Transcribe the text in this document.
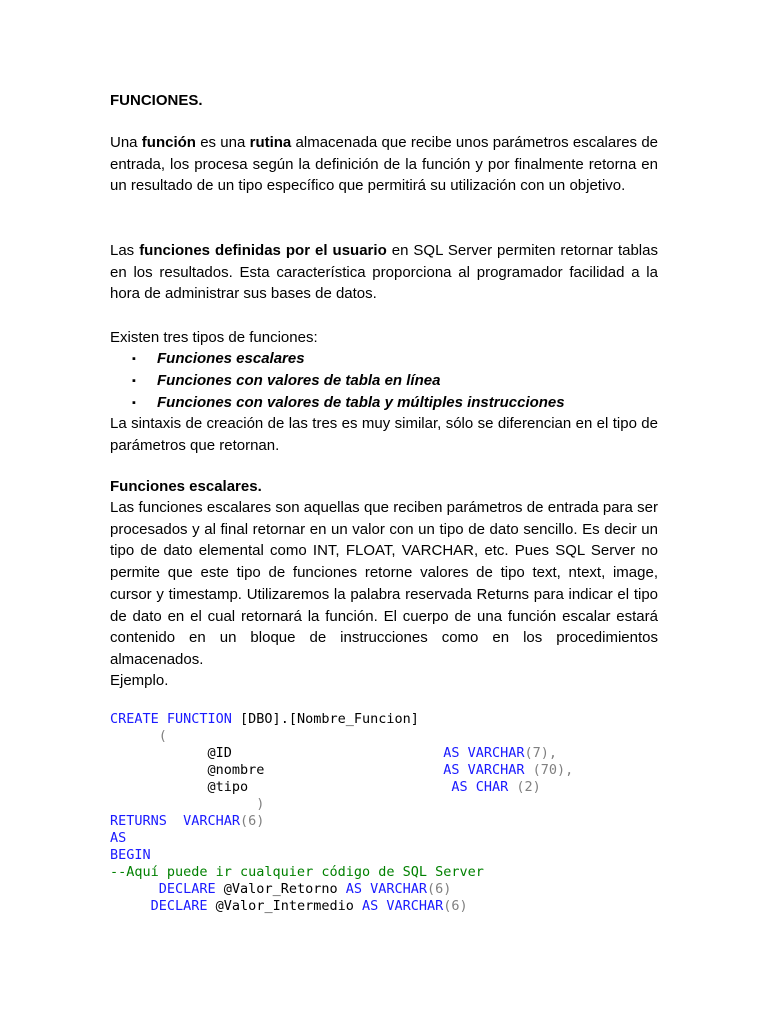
FUNCIONES.
Una función es una rutina almacenada que recibe unos parámetros escalares de entrada, los procesa según la definición de la función y por finalmente retorna en un resultado de un tipo específico que permitirá su utilización con un objetivo.
Las funciones definidas por el usuario en SQL Server permiten retornar tablas en los resultados. Esta característica proporciona al programador facilidad a la hora de administrar sus bases de datos.
Existen tres tipos de funciones:
▪ Funciones escalares
▪ Funciones con valores de tabla en línea
▪ Funciones con valores de tabla y múltiples instrucciones
La sintaxis de creación de las tres es muy similar, sólo se diferencian en el tipo de parámetros que retornan.
Funciones escalares.
Las funciones escalares son aquellas que reciben parámetros de entrada para ser procesados y al final retornar en un valor con un tipo de dato sencillo. Es decir un tipo de dato elemental como INT, FLOAT, VARCHAR, etc. Pues SQL Server no permite que este tipo de funciones retorne valores de tipo text, ntext, image, cursor y timestamp. Utilizaremos la palabra reservada Returns para indicar el tipo de dato en el cual retornará la función. El cuerpo de una función escalar estará contenido en un bloque de instrucciones como en los procedimientos almacenados.
Ejemplo.
CREATE FUNCTION [DBO].[Nombre_Funcion]
(
@ID                          AS VARCHAR(7),
@nombre                      AS VARCHAR (70),
@tipo                         AS CHAR (2)
)
RETURNS  VARCHAR(6)
AS
BEGIN
--Aquí puede ir cualquier código de SQL Server
DECLARE @Valor_Retorno AS VARCHAR(6)
DECLARE @Valor_Intermedio AS VARCHAR(6)
